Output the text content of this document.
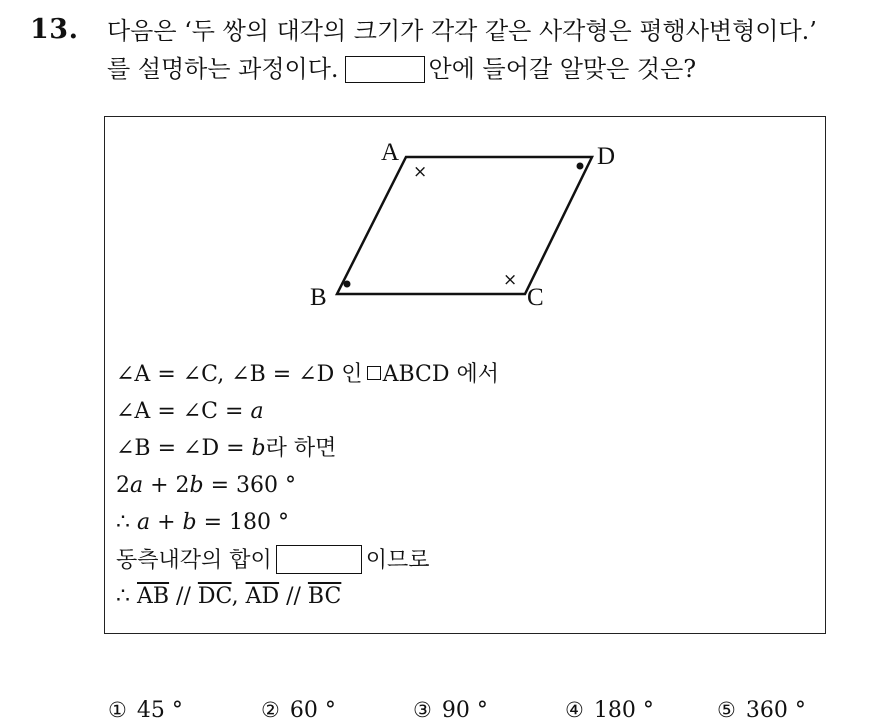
13. 다음은 ‘두 쌍의 대각의 크기가 각각 같은 사각형은 평행사변형이다.’
를 설명하는 과정이다.	안에 들어갈 알맞은 것은?
A	D
B	C
×
×
∠A = ∠C, ∠B = ∠D 인 ABCD 에서
∠A = ∠C = a
∠B = ∠D = b라 하면
2a + 2b = 360 °
∴ a + b = 180 °
동측내각의 합이	이므로
∴ $\overline{AB} // \overline{DC}$, $\overline{AD} // \overline{BC}$
① 45 °	② 60 °	③ 90 °	④ 180 °	⑤ 360 °
